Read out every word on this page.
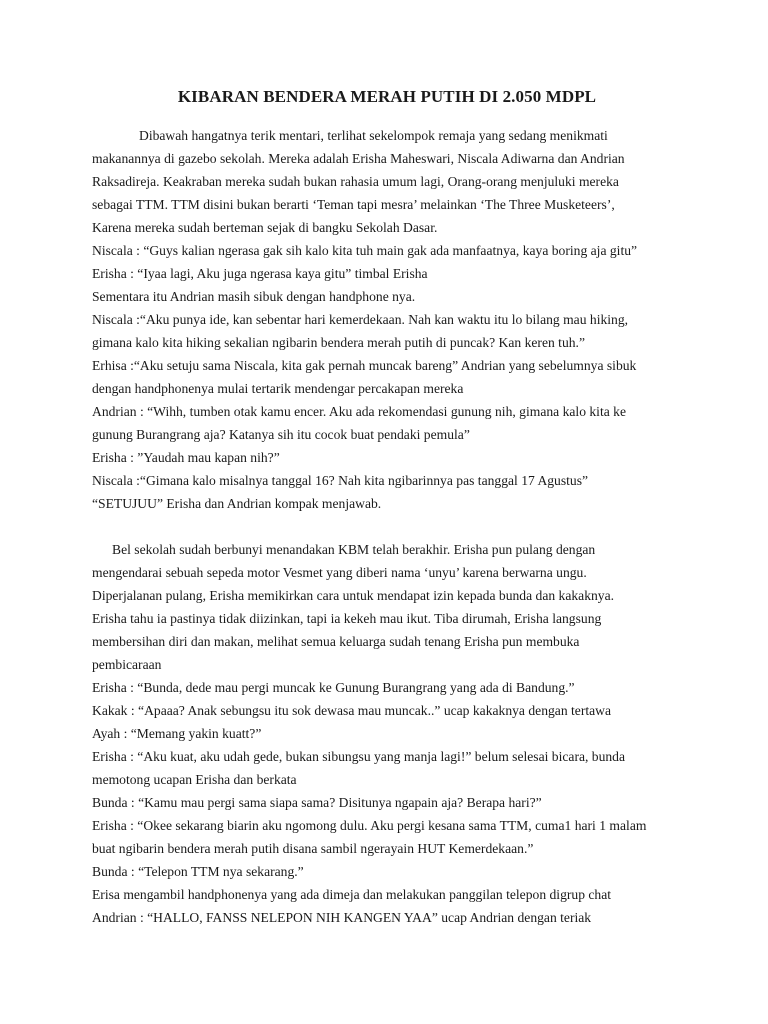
KIBARAN BENDERA MERAH PUTIH DI 2.050 MDPL
Dibawah hangatnya terik mentari, terlihat sekelompok remaja yang sedang menikmati
makanannya di gazebo sekolah. Mereka adalah Erisha Maheswari, Niscala Adiwarna dan Andrian
Raksadireja. Keakraban mereka sudah bukan rahasia umum lagi, Orang-orang menjuluki mereka
sebagai TTM. TTM disini bukan berarti ‘Teman tapi mesra’ melainkan ‘The Three Musketeers’,
Karena mereka sudah berteman sejak di bangku Sekolah Dasar.
Niscala : “Guys kalian ngerasa gak sih kalo kita tuh main gak ada manfaatnya, kaya boring aja gitu”
Erisha : “Iyaa lagi, Aku juga ngerasa kaya gitu” timbal Erisha
Sementara itu Andrian masih sibuk dengan handphone nya.
Niscala :“Aku punya ide, kan sebentar hari kemerdekaan. Nah kan waktu itu lo bilang mau hiking,
gimana kalo kita hiking sekalian ngibarin bendera merah putih di puncak? Kan keren tuh.”
Erhisa :“Aku setuju sama Niscala, kita gak pernah muncak bareng” Andrian yang sebelumnya sibuk
dengan handphonenya mulai tertarik mendengar percakapan mereka
Andrian : “Wihh, tumben otak kamu encer. Aku ada rekomendasi gunung nih, gimana kalo kita ke
gunung Burangrang aja? Katanya sih itu cocok buat pendaki pemula”
Erisha : ”Yaudah mau kapan nih?”
Niscala :“Gimana kalo misalnya tanggal 16? Nah kita ngibarinnya pas tanggal 17 Agustus”
“SETUJUU” Erisha dan Andrian kompak menjawab.
Bel sekolah sudah berbunyi menandakan KBM telah berakhir. Erisha pun pulang dengan
mengendarai sebuah sepeda motor Vesmet yang diberi nama ‘unyu’ karena berwarna ungu.
Diperjalanan pulang, Erisha memikirkan cara untuk mendapat izin kepada bunda dan kakaknya.
Erisha tahu ia pastinya tidak diizinkan, tapi ia kekeh mau ikut. Tiba dirumah, Erisha langsung
membersihan diri dan makan, melihat semua keluarga sudah tenang Erisha pun membuka
pembicaraan
Erisha : “Bunda, dede mau pergi muncak ke Gunung Burangrang yang ada di Bandung.”
Kakak : “Apaaa? Anak sebungsu itu sok dewasa mau muncak..” ucap kakaknya dengan tertawa
Ayah : “Memang yakin kuatt?”
Erisha : “Aku kuat, aku udah gede, bukan sibungsu yang manja lagi!” belum selesai bicara, bunda
memotong ucapan Erisha dan berkata
Bunda : “Kamu mau pergi sama siapa sama? Disitunya ngapain aja? Berapa hari?”
Erisha : “Okee sekarang biarin aku ngomong dulu. Aku pergi kesana sama TTM, cuma1 hari 1 malam
buat ngibarin bendera merah putih disana sambil ngerayain HUT Kemerdekaan.”
Bunda : “Telepon TTM nya sekarang.”
Erisa mengambil handphonenya yang ada dimeja dan melakukan panggilan telepon digrup chat
Andrian : “HALLO, FANSS NELEPON NIH KANGEN YAA” ucap Andrian dengan teriak
